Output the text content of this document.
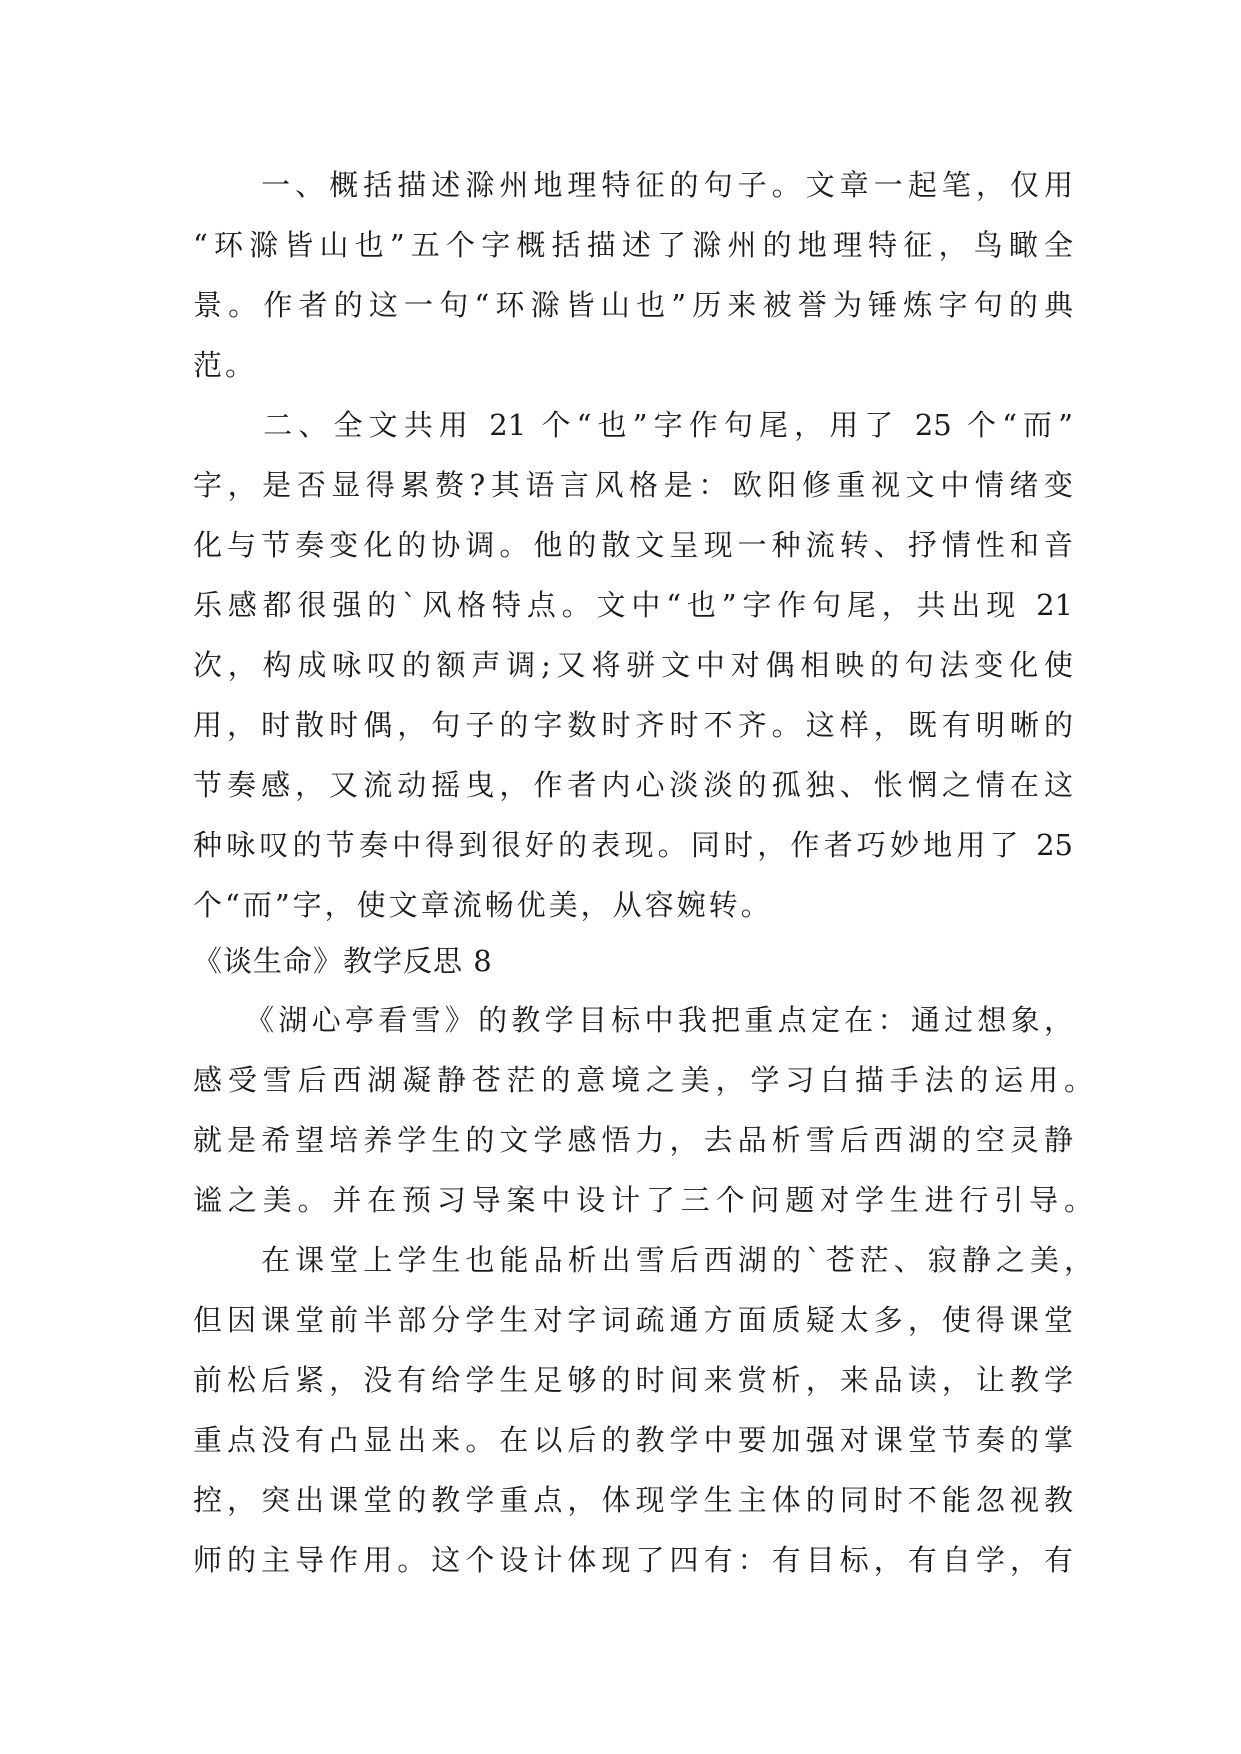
　　一、概括描述滁州地理特征的句子。文章一起笔，仅用
“环滁皆山也”五个字概括描述了滁州的地理特征，鸟瞰全
景。作者的这一句“环滁皆山也”历来被誉为锤炼字句的典
范。
　　二、全文共用 21 个“也”字作句尾，用了 25 个“而”
字，是否显得累赘?其语言风格是：欧阳修重视文中情绪变
化与节奏变化的协调。他的散文呈现一种流转、抒情性和音
乐感都很强的`风格特点。文中“也”字作句尾，共出现 21
次，构成咏叹的额声调;又将骈文中对偶相映的句法变化使
用，时散时偶，句子的字数时齐时不齐。这样，既有明晰的
节奏感，又流动摇曳，作者内心淡淡的孤独、怅惘之情在这
种咏叹的节奏中得到很好的表现。同时，作者巧妙地用了 25
个“而”字，使文章流畅优美，从容婉转。
《谈生命》教学反思 8
　　《湖心亭看雪》的教学目标中我把重点定在：通过想象，
感受雪后西湖凝静苍茫的意境之美，学习白描手法的运用。
就是希望培养学生的文学感悟力，去品析雪后西湖的空灵静
谧之美。并在预习导案中设计了三个问题对学生进行引导。
　　在课堂上学生也能品析出雪后西湖的`苍茫、寂静之美，
但因课堂前半部分学生对字词疏通方面质疑太多，使得课堂
前松后紧，没有给学生足够的时间来赏析，来品读，让教学
重点没有凸显出来。在以后的教学中要加强对课堂节奏的掌
控，突出课堂的教学重点，体现学生主体的同时不能忽视教
师的主导作用。这个设计体现了四有：有目标，有自学，有
